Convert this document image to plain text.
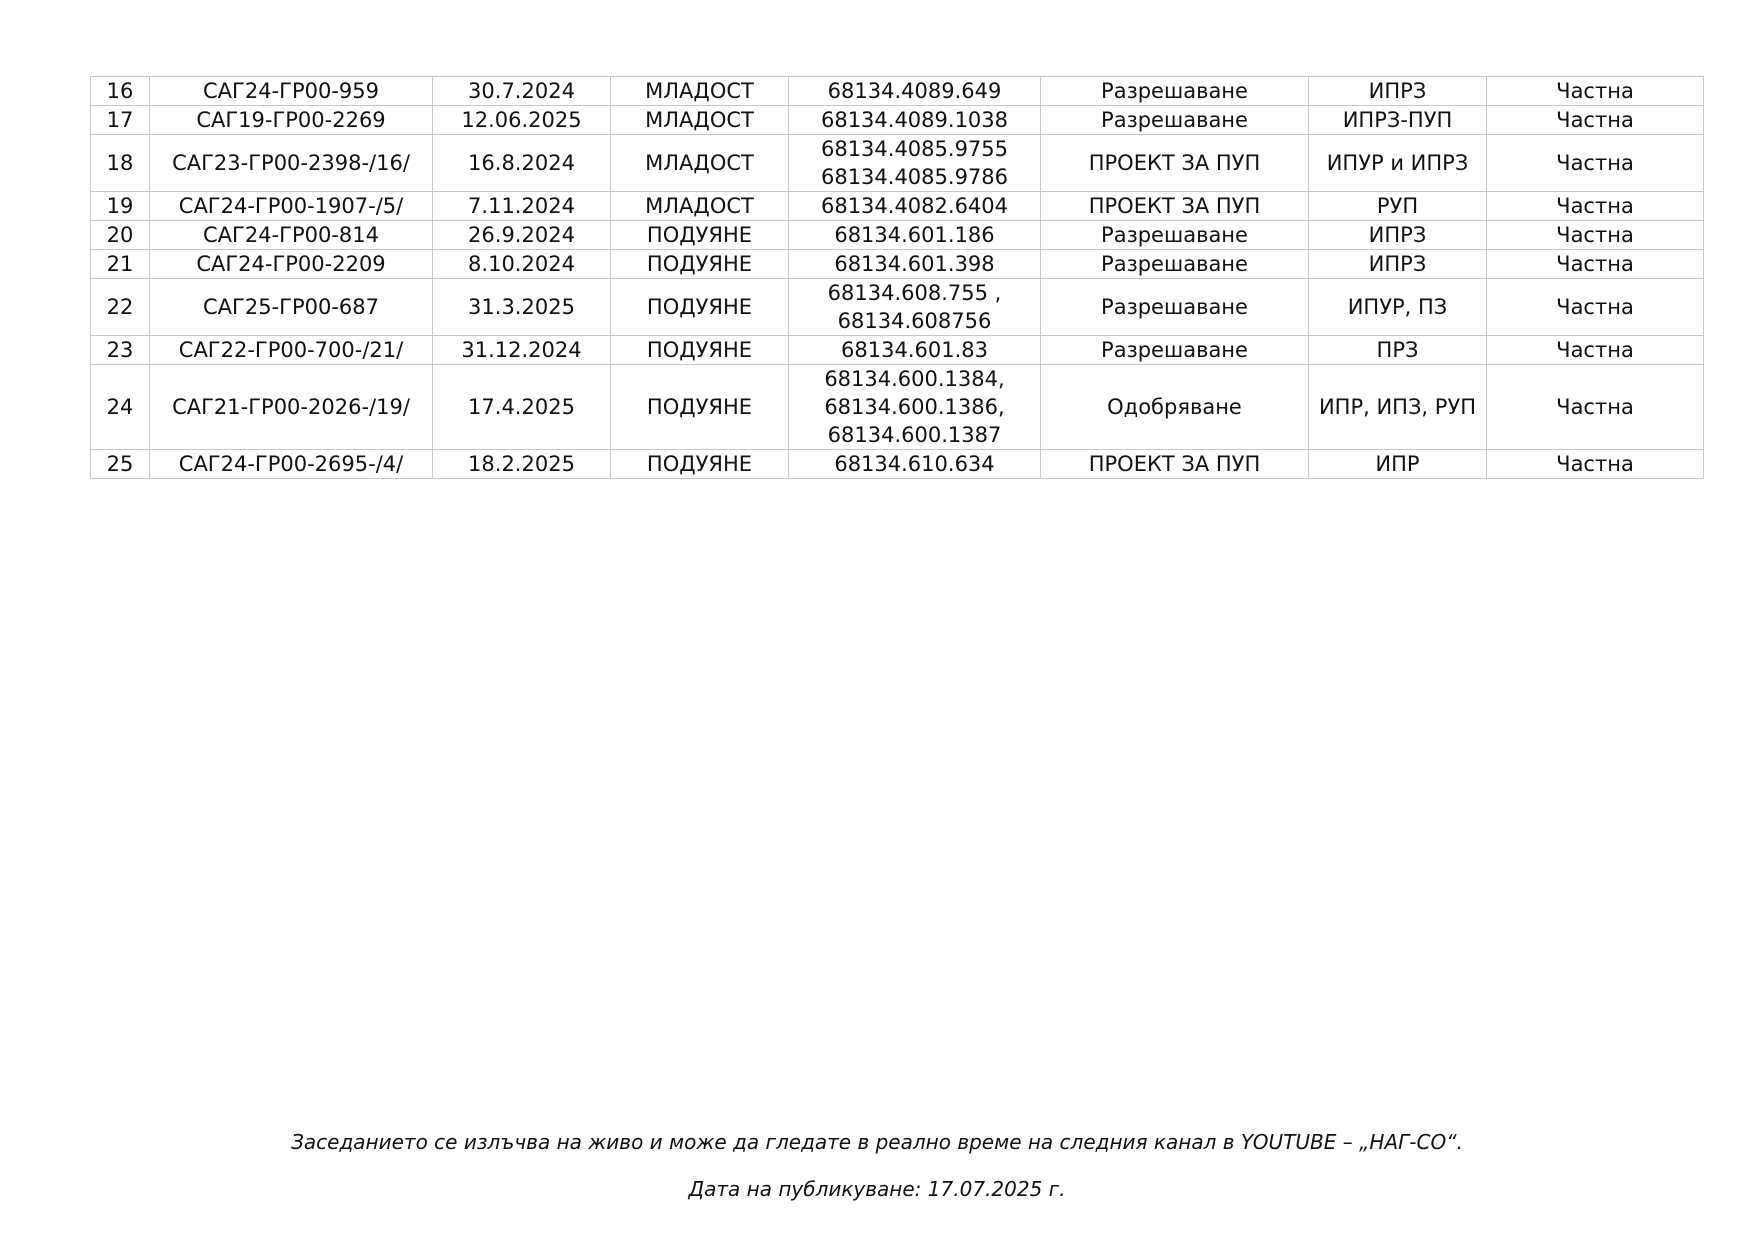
16	САГ24-ГР00-959	30.7.2024	МЛАДОСТ	68134.4089.649	Разрешаване	ИПРЗ	Частна
17	САГ19-ГР00-2269	12.06.2025	МЛАДОСТ	68134.4089.1038	Разрешаване	ИПРЗ-ПУП	Частна
18	САГ23-ГР00-2398-/16/	16.8.2024	МЛАДОСТ	68134.4085.9755
68134.4085.9786	ПРОЕКТ ЗА ПУП	ИПУР и ИПРЗ	Частна
19	САГ24-ГР00-1907-/5/	7.11.2024	МЛАДОСТ	68134.4082.6404	ПРОЕКТ ЗА ПУП	РУП	Частна
20	САГ24-ГР00-814	26.9.2024	ПОДУЯНЕ	68134.601.186	Разрешаване	ИПРЗ	Частна
21	САГ24-ГР00-2209	8.10.2024	ПОДУЯНЕ	68134.601.398	Разрешаване	ИПРЗ	Частна
22	САГ25-ГР00-687	31.3.2025	ПОДУЯНЕ	68134.608.755 ,
68134.608756	Разрешаване	ИПУР, ПЗ	Частна
23	САГ22-ГР00-700-/21/	31.12.2024	ПОДУЯНЕ	68134.601.83	Разрешаване	ПРЗ	Частна
24	САГ21-ГР00-2026-/19/	17.4.2025	ПОДУЯНЕ	68134.600.1384,
68134.600.1386,
68134.600.1387	Одобряване	ИПР, ИПЗ, РУП	Частна
25	САГ24-ГР00-2695-/4/	18.2.2025	ПОДУЯНЕ	68134.610.634	ПРОЕКТ ЗА ПУП	ИПР	Частна
Заседанието се излъчва на живо и може да гледате в реално време на следния канал в YOUTUBE – „НАГ-СО“.
Дата на публикуване: 17.07.2025 г.
